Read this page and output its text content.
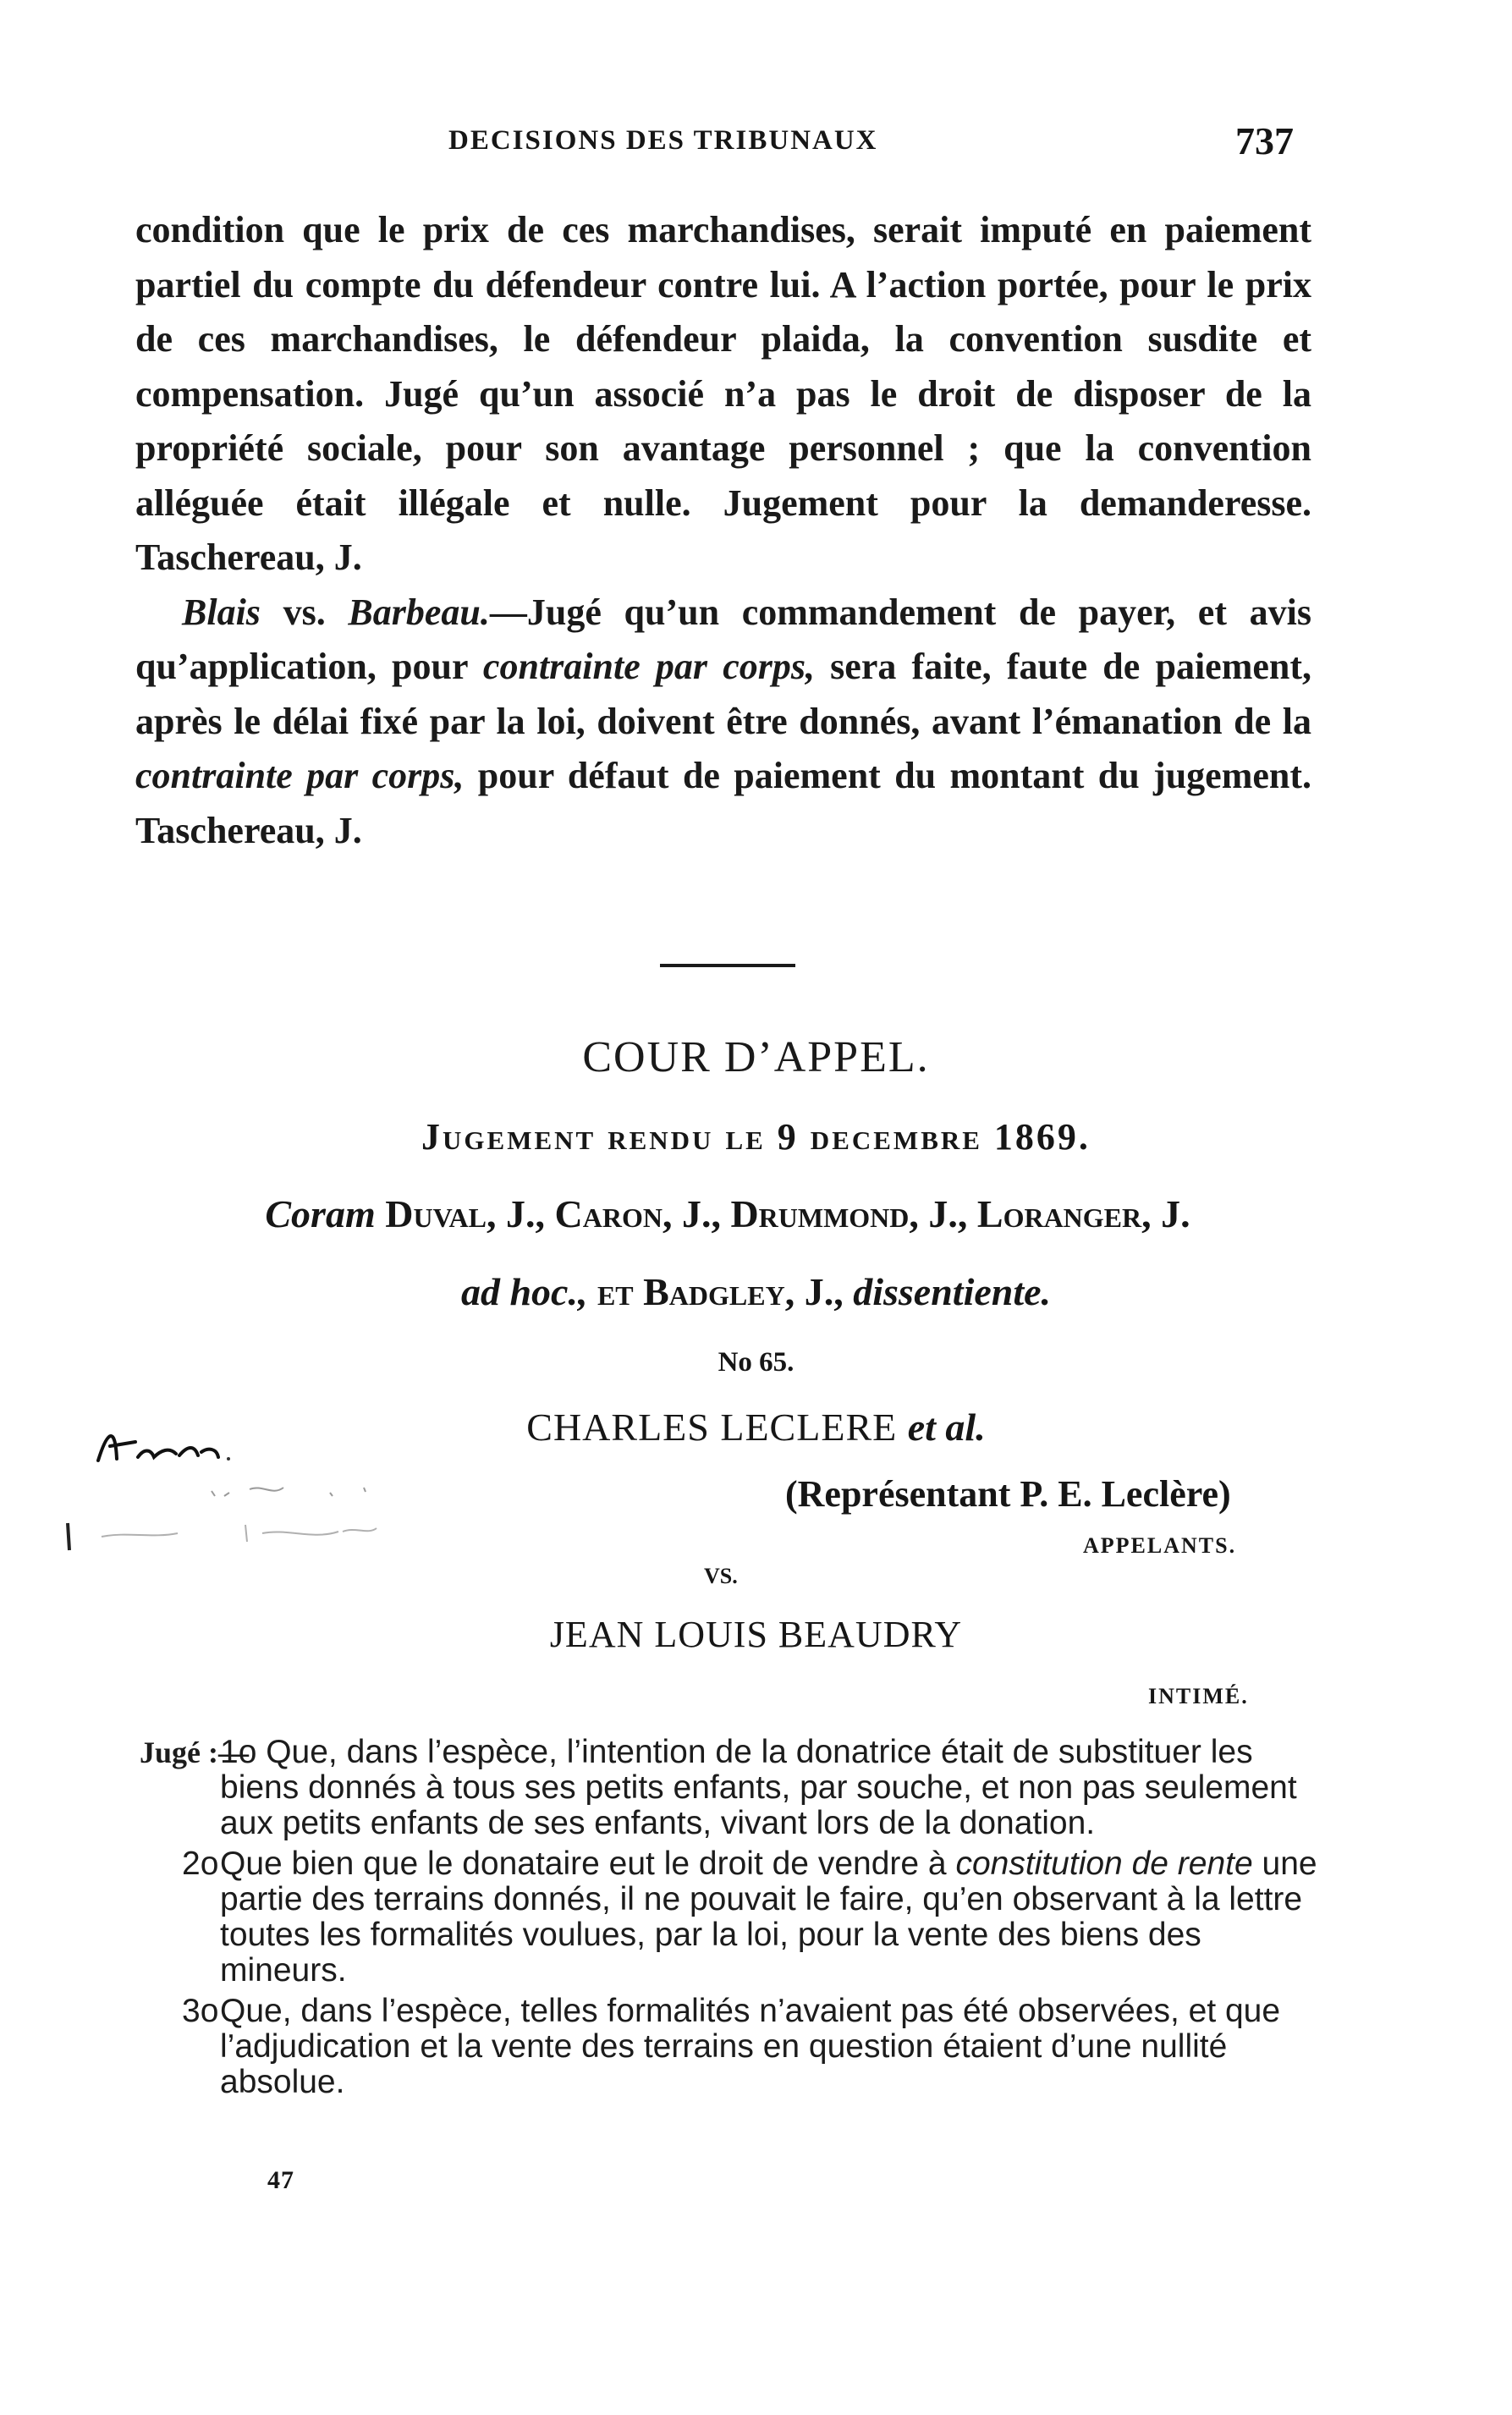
DECISIONS DES TRIBUNAUX	737

condition que le prix de ces marchandises, serait imputé en paiement partiel du compte du défendeur contre lui. A l’action portée, pour le prix de ces marchandises, le défendeur plaida, la convention susdite et compensation. Jugé qu’un associé n’a pas le droit de disposer de la propriété sociale, pour son avantage personnel ; que la convention alléguée était illégale et nulle. Jugement pour la demanderesse. Taschereau, J.

Blais vs. Barbeau.—Jugé qu’un commandement de payer, et avis qu’application, pour contrainte par corps, sera faite, faute de paiement, après le délai fixé par la loi, doivent être donnés, avant l’émanation de la contrainte par corps, pour défaut de paiement du montant du jugement. Taschereau, J.

COUR D’APPEL.
Jugement rendu le 9 decembre 1869.
Coram Duval, J., Caron, J., Drummond, J., Loranger, J.
ad hoc., et Badgley, J., dissentiente.
No 65.
CHARLES LECLERE et al.
(Représentant P. E. Leclère)
APPELANTS.
VS.
JEAN LOUIS BEAUDRY
INTIMÉ.
Jugé :—
1o Que, dans l’espèce, l’intention de la donatrice était de substituer les biens donnés à tous ses petits enfants, par souche, et non pas seulement aux petits enfants de ses enfants, vivant lors de la donation.
2o Que bien que le donataire eut le droit de vendre à constitution de rente une partie des terrains donnés, il ne pouvait le faire, qu’en observant à la lettre toutes les formalités voulues, par la loi, pour la vente des biens des mineurs.
3o Que, dans l’espèce, telles formalités n’avaient pas été observées, et que l’adjudication et la vente des terrains en question étaient d’une nullité absolue.
47
